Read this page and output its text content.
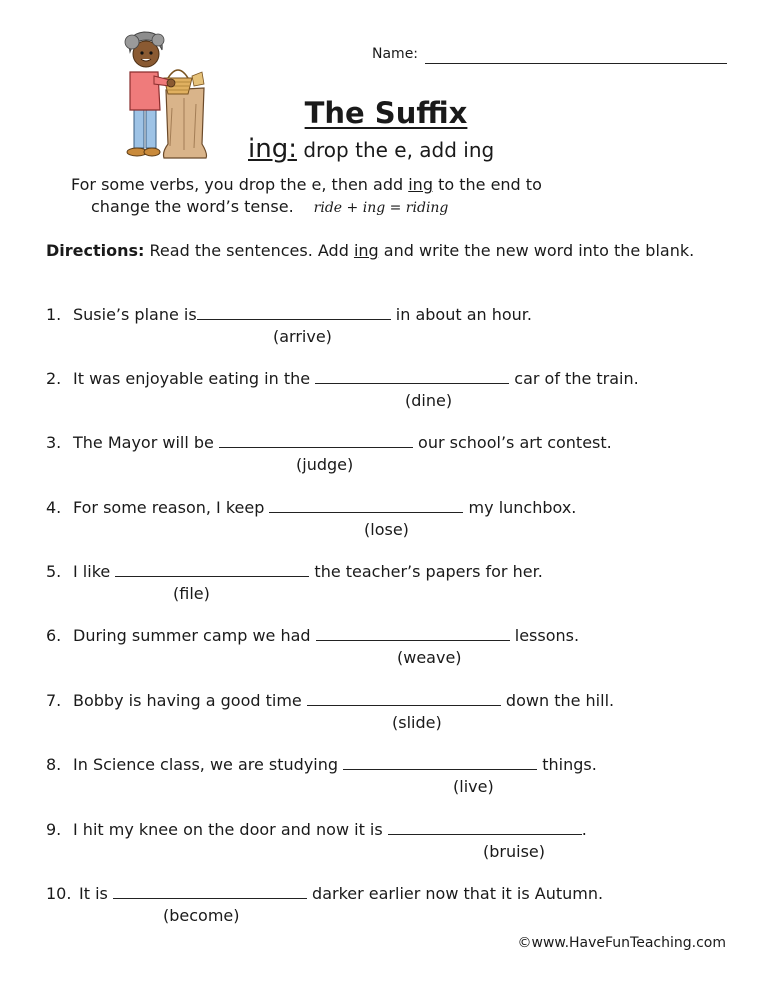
Name:
The Suffix
ing: drop the e, add ing
For some verbs, you drop the e, then add ing to the end to
change the word’s tense. ride + ing = riding
Directions: Read the sentences. Add ing and write the new word into the blank.
1. Susie’s plane is	in about an hour.
(arrive)
2. It was enjoyable eating in the	car of the train.
(dine)
3. The Mayor will be	our school’s art contest.
(judge)
4. For some reason, I keep	my lunchbox.
(lose)
5. I like	the teacher’s papers for her.
(file)
6. During summer camp we had	lessons.
(weave)
7. Bobby is having a good time	down the hill.
(slide)
8. In Science class, we are studying	things.
(live)
9. I hit my knee on the door and now it is	.
(bruise)
10. It is	darker earlier now that it is Autumn.
(become)
©www.HaveFunTeaching.com
